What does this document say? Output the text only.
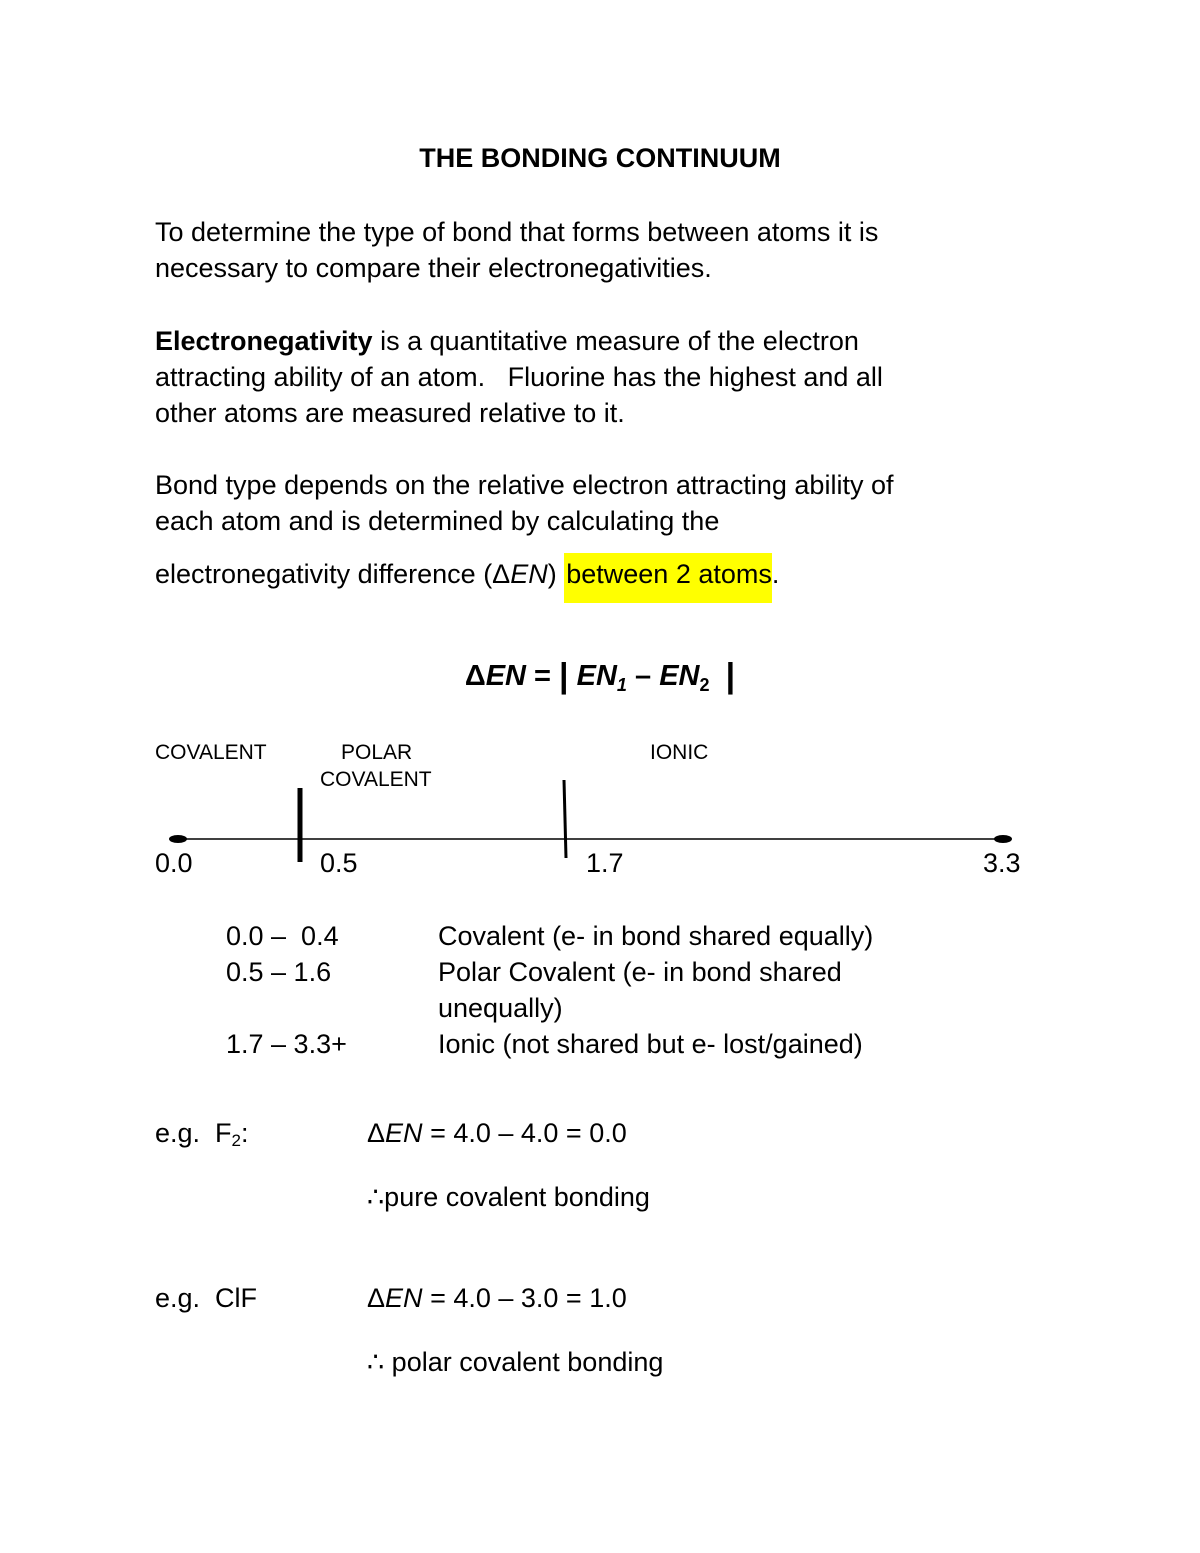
THE BONDING CONTINUUM
To determine the type of bond that forms between atoms it is
necessary to compare their electronegativities.
Electronegativity is a quantitative measure of the electron
attracting ability of an atom.   Fluorine has the highest and all
other atoms are measured relative to it.
Bond type depends on the relative electron attracting ability of
each atom and is determined by calculating the
electronegativity difference (ΔEN) between 2 atoms.
ΔEN = | $EN_1 - EN_2$ |
COVALENT	POLAR
COVALENT
IONIC
0.0	0.5	1.7	3.3
0.0 –  0.4	Covalent (e- in bond shared equally)
0.5 – 1.6	Polar Covalent (e- in bond shared
unequally)
1.7 – 3.3+	Ionic (not shared but e- lost/gained)
e.g.  $F_2$:	ΔEN = 4.0 – 4.0 = 0.0
∴pure covalent bonding
e.g.  ClF	ΔEN = 4.0 – 3.0 = 1.0
∴ polar covalent bonding
